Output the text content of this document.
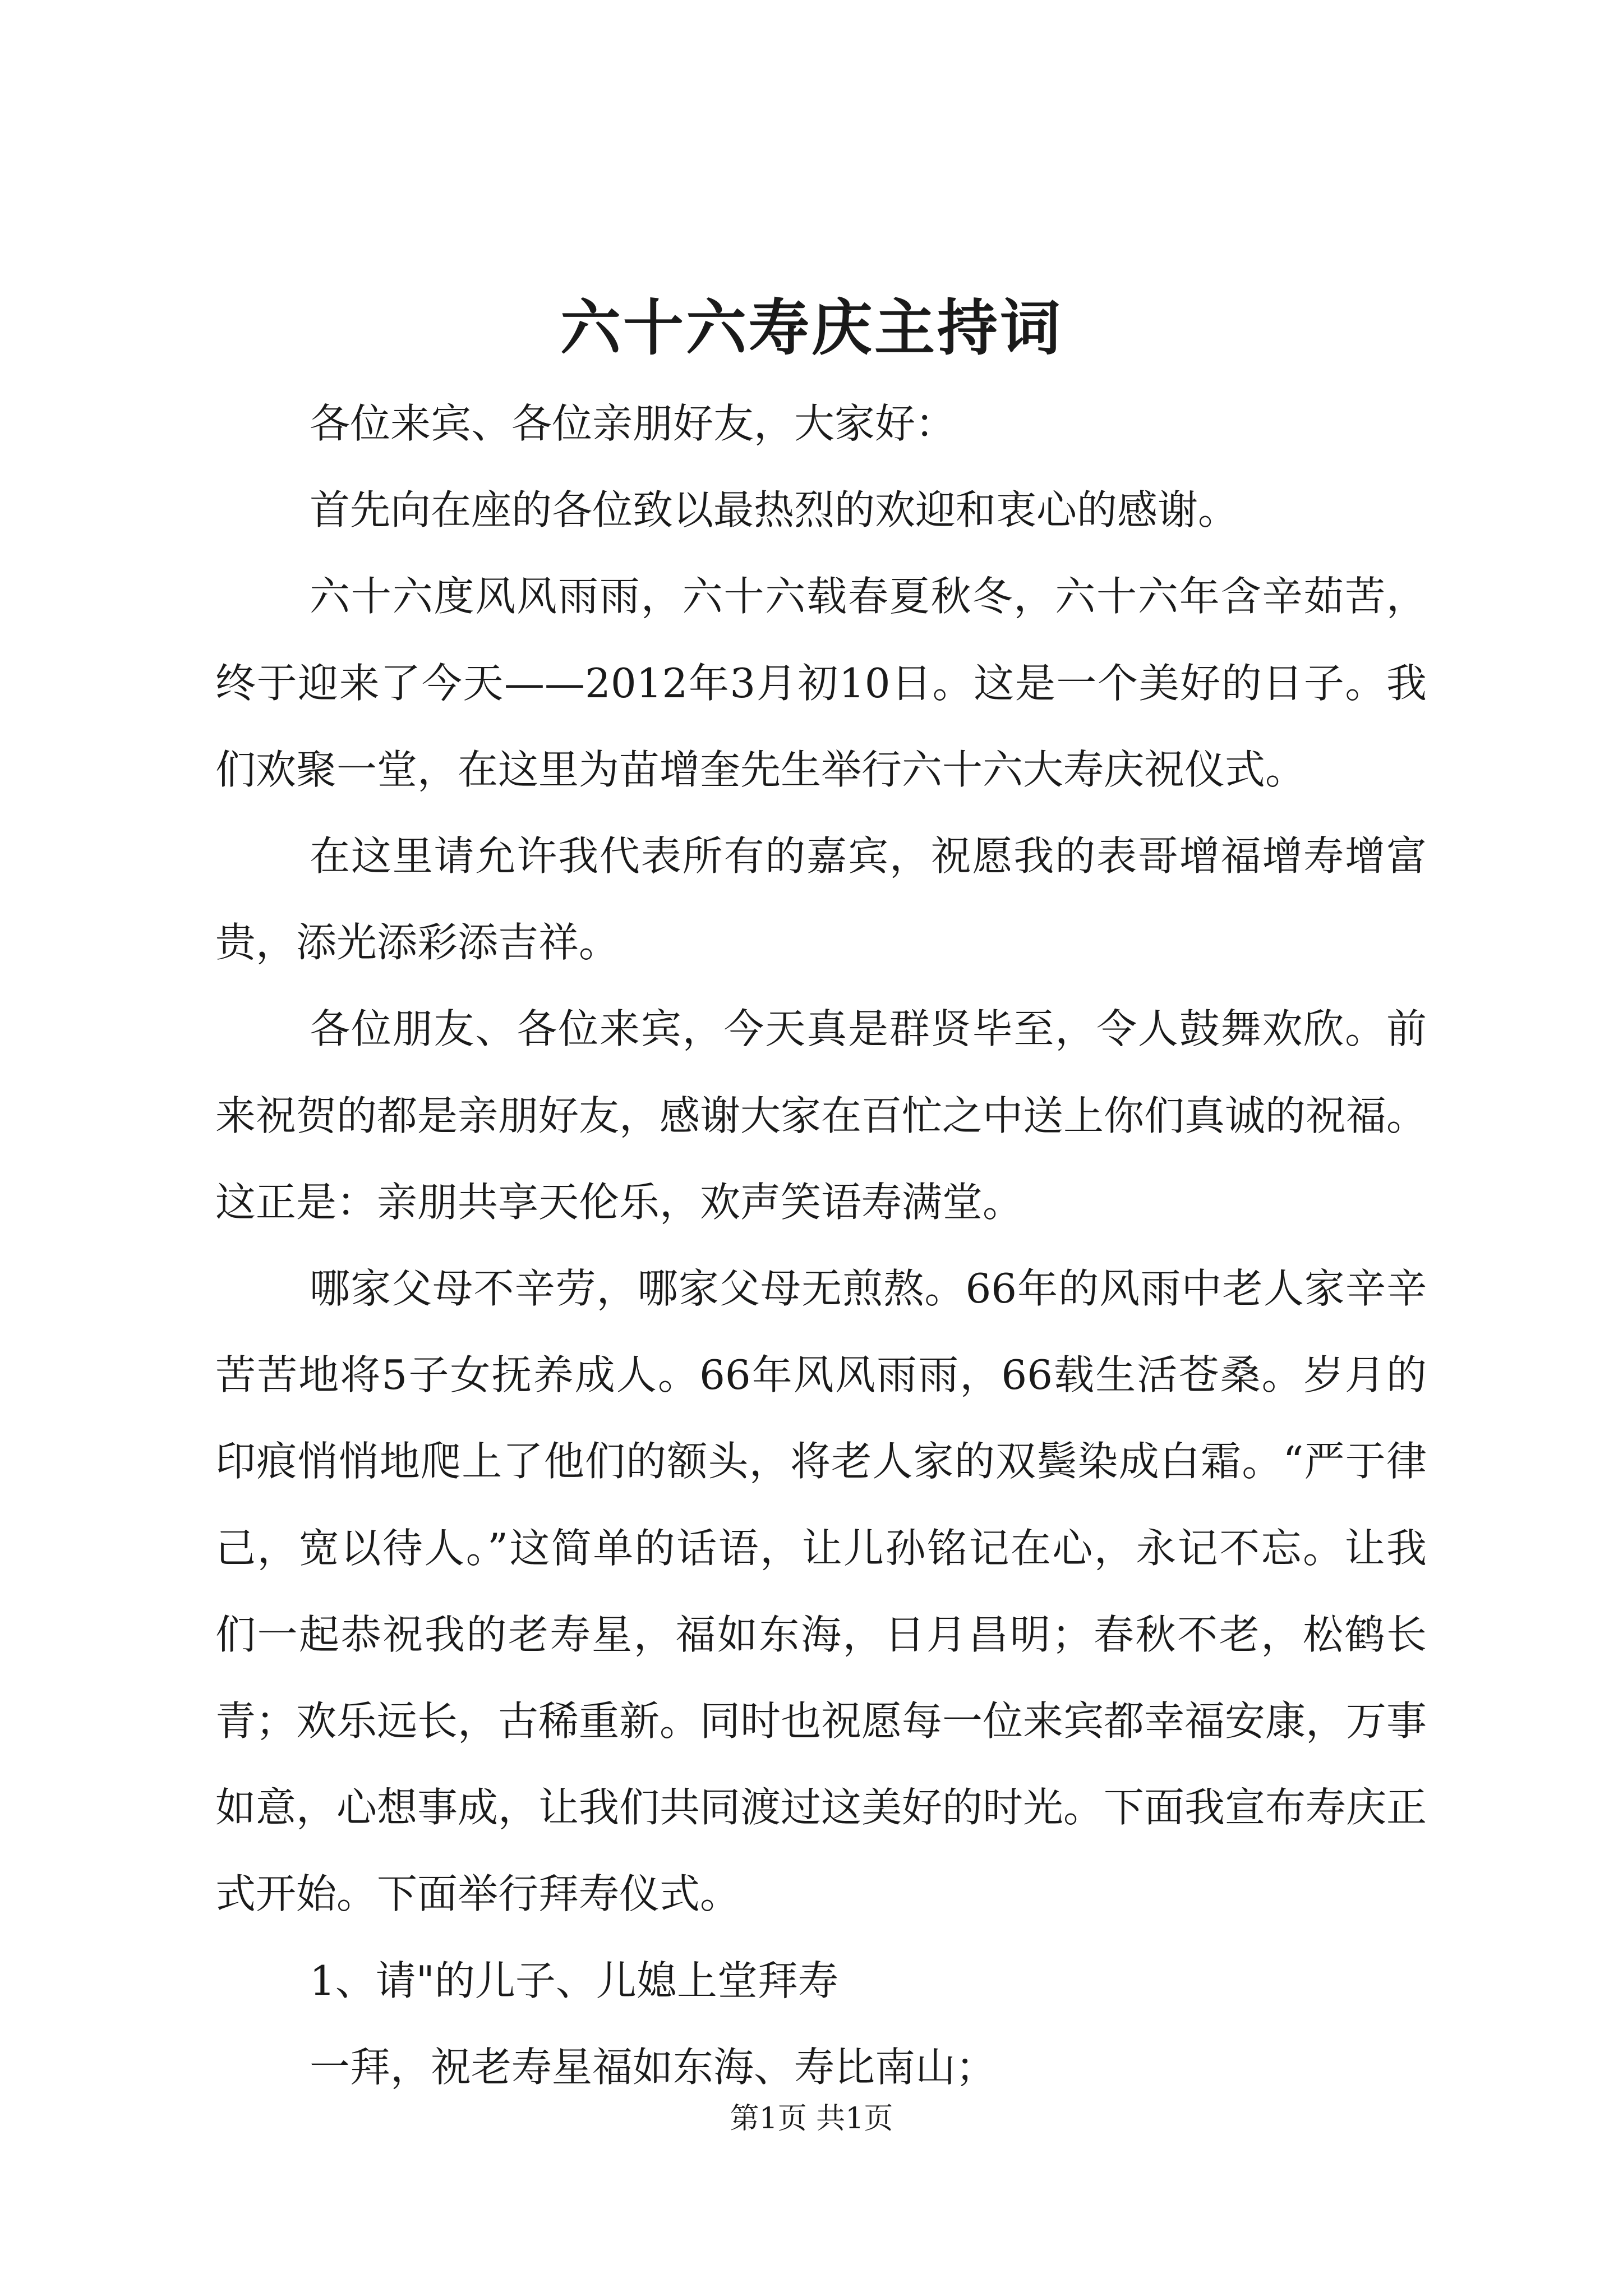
六十六寿庆主持词

各位来宾、各位亲朋好友，大家好：

首先向在座的各位致以最热烈的欢迎和衷心的感谢。

六十六度风风雨雨，六十六载春夏秋冬，六十六年含辛茹苦，终于迎来了今天——2012年3月初10日。这是一个美好的日子。我们欢聚一堂，在这里为苗增奎先生举行六十六大寿庆祝仪式。

在这里请允许我代表所有的嘉宾，祝愿我的表哥增福增寿增富贵，添光添彩添吉祥。

各位朋友、各位来宾，今天真是群贤毕至，令人鼓舞欢欣。前来祝贺的都是亲朋好友，感谢大家在百忙之中送上你们真诚的祝福。这正是：亲朋共享天伦乐，欢声笑语寿满堂。

哪家父母不辛劳，哪家父母无煎熬。66年的风雨中老人家辛辛苦苦地将5子女抚养成人。66年风风雨雨，66载生活苍桑。岁月的印痕悄悄地爬上了他们的额头，将老人家的双鬓染成白霜。“严于律己，宽以待人。”这简单的话语，让儿孙铭记在心，永记不忘。让我们一起恭祝我的老寿星，福如东海，日月昌明；春秋不老，松鹤长青；欢乐远长，古稀重新。同时也祝愿每一位来宾都幸福安康，万事如意，心想事成，让我们共同渡过这美好的时光。下面我宣布寿庆正式开始。下面举行拜寿仪式。

1、请"的儿子、儿媳上堂拜寿

一拜，祝老寿星福如东海、寿比南山；

第1页 共1页
